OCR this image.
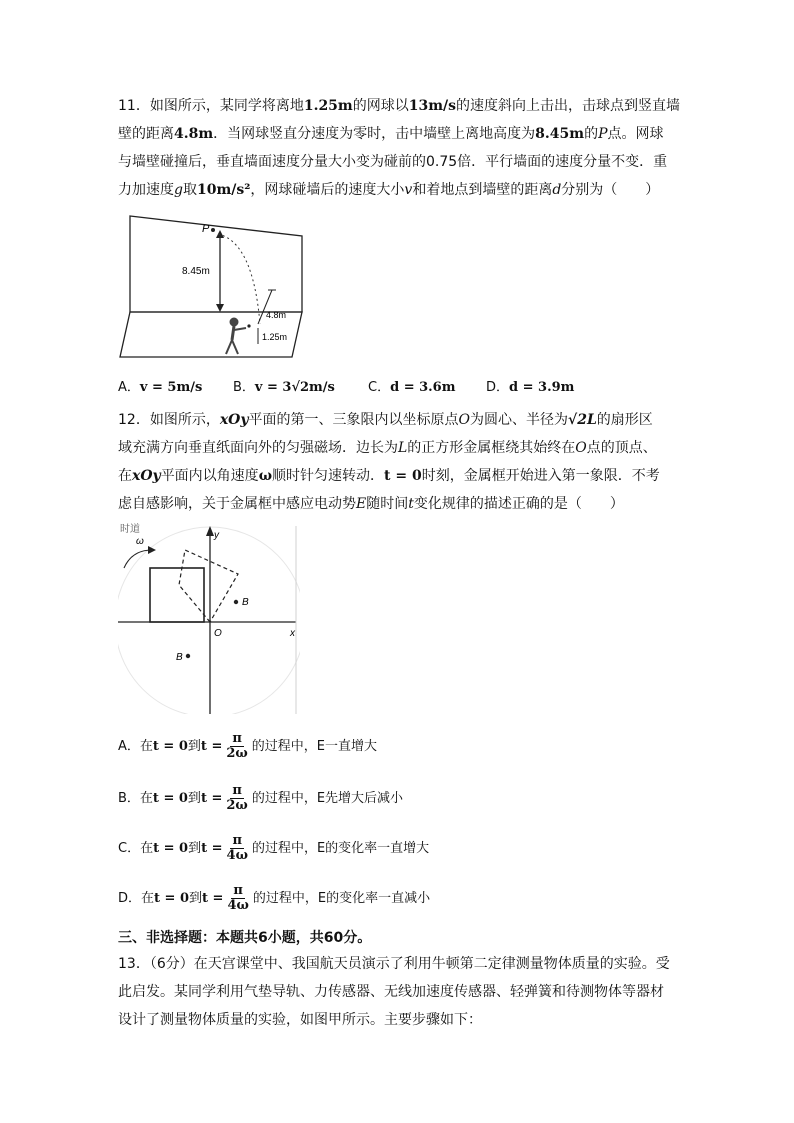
11．如图所示，某同学将离地1.25m的网球以13m/s的速度斜向上击出，击球点到竖直墙
壁的距离4.8m．当网球竖直分速度为零时，击中墙壁上离地高度为8.45m的P点。网球
与墙壁碰撞后，垂直墙面速度分量大小变为碰前的0.75倍．平行墙面的速度分量不变．重
力加速度g取10m/s²，网球碰墙后的速度大小v和着地点到墙壁的距离d分别为（　　）
P
8.45m
4.8m
1.25m
A．v = 5m/s B．v = 3√2m/s	C．d = 3.6m D．d = 3.9m
12．如图所示，xOy平面的第一、三象限内以坐标原点O为圆心、半径为√2L的扇形区
域充满方向垂直纸面向外的匀强磁场．边长为L的正方形金属框绕其始终在O点的顶点、
在xOy平面内以角速度ω顺时针匀速转动．t = 0时刻，金属框开始进入第一象限．不考
虑自感影响，关于金属框中感应电动势E随时间t变化规律的描述正确的是（　　）
y
x
O
时道
ω
B
B
A．在t = 0到$t = \frac{\pi}{2\omega}$ 的过程中，E一直增大
B．在t = 0到$t = \frac{\pi}{2\omega}$ 的过程中，E先增大后减小
C．在t = 0到$t = \frac{\pi}{4\omega}$ 的过程中，E的变化率一直增大
D．在t = 0到$t = \frac{\pi}{4\omega}$ 的过程中，E的变化率一直减小
三、非选择题：本题共6小题，共60分。
13．（6分）在天宫课堂中、我国航天员演示了利用牛顿第二定律测量物体质量的实验。受
此启发。某同学利用气垫导轨、力传感器、无线加速度传感器、轻弹簧和待测物体等器材
设计了测量物体质量的实验，如图甲所示。主要步骤如下：
